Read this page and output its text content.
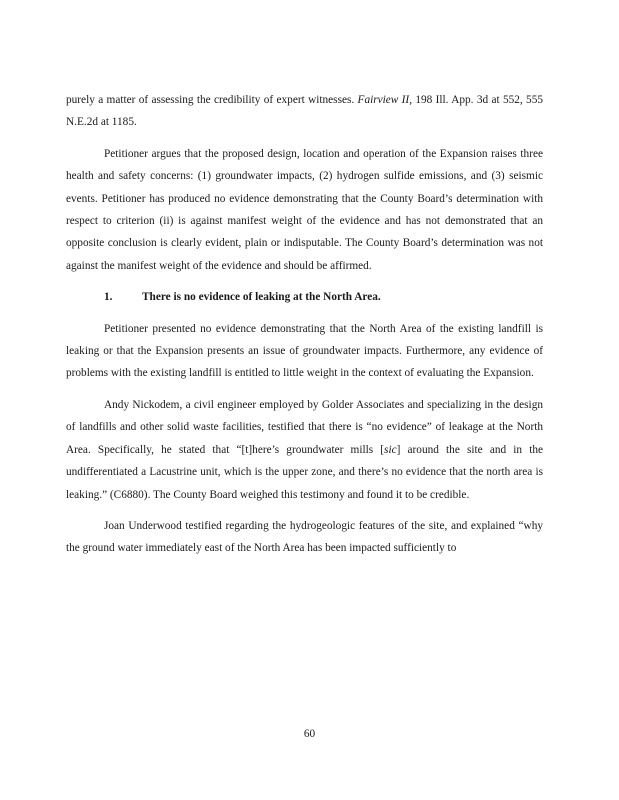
purely a matter of assessing the credibility of expert witnesses. Fairview II, 198 Ill. App. 3d at 552, 555 N.E.2d at 1185.

Petitioner argues that the proposed design, location and operation of the Expansion raises three health and safety concerns: (1) groundwater impacts, (2) hydrogen sulfide emissions, and (3) seismic events. Petitioner has produced no evidence demonstrating that the County Board’s determination with respect to criterion (ii) is against manifest weight of the evidence and has not demonstrated that an opposite conclusion is clearly evident, plain or indisputable. The County Board’s determination was not against the manifest weight of the evidence and should be affirmed.

1.	There is no evidence of leaking at the North Area.

Petitioner presented no evidence demonstrating that the North Area of the existing landfill is leaking or that the Expansion presents an issue of groundwater impacts. Furthermore, any evidence of problems with the existing landfill is entitled to little weight in the context of evaluating the Expansion.

Andy Nickodem, a civil engineer employed by Golder Associates and specializing in the design of landfills and other solid waste facilities, testified that there is “no evidence” of leakage at the North Area. Specifically, he stated that “[t]here’s groundwater mills [sic] around the site and in the undifferentiated a Lacustrine unit, which is the upper zone, and there’s no evidence that the north area is leaking.” (C6880). The County Board weighed this testimony and found it to be credible.

Joan Underwood testified regarding the hydrogeologic features of the site, and explained “why the ground water immediately east of the North Area has been impacted sufficiently to

60
